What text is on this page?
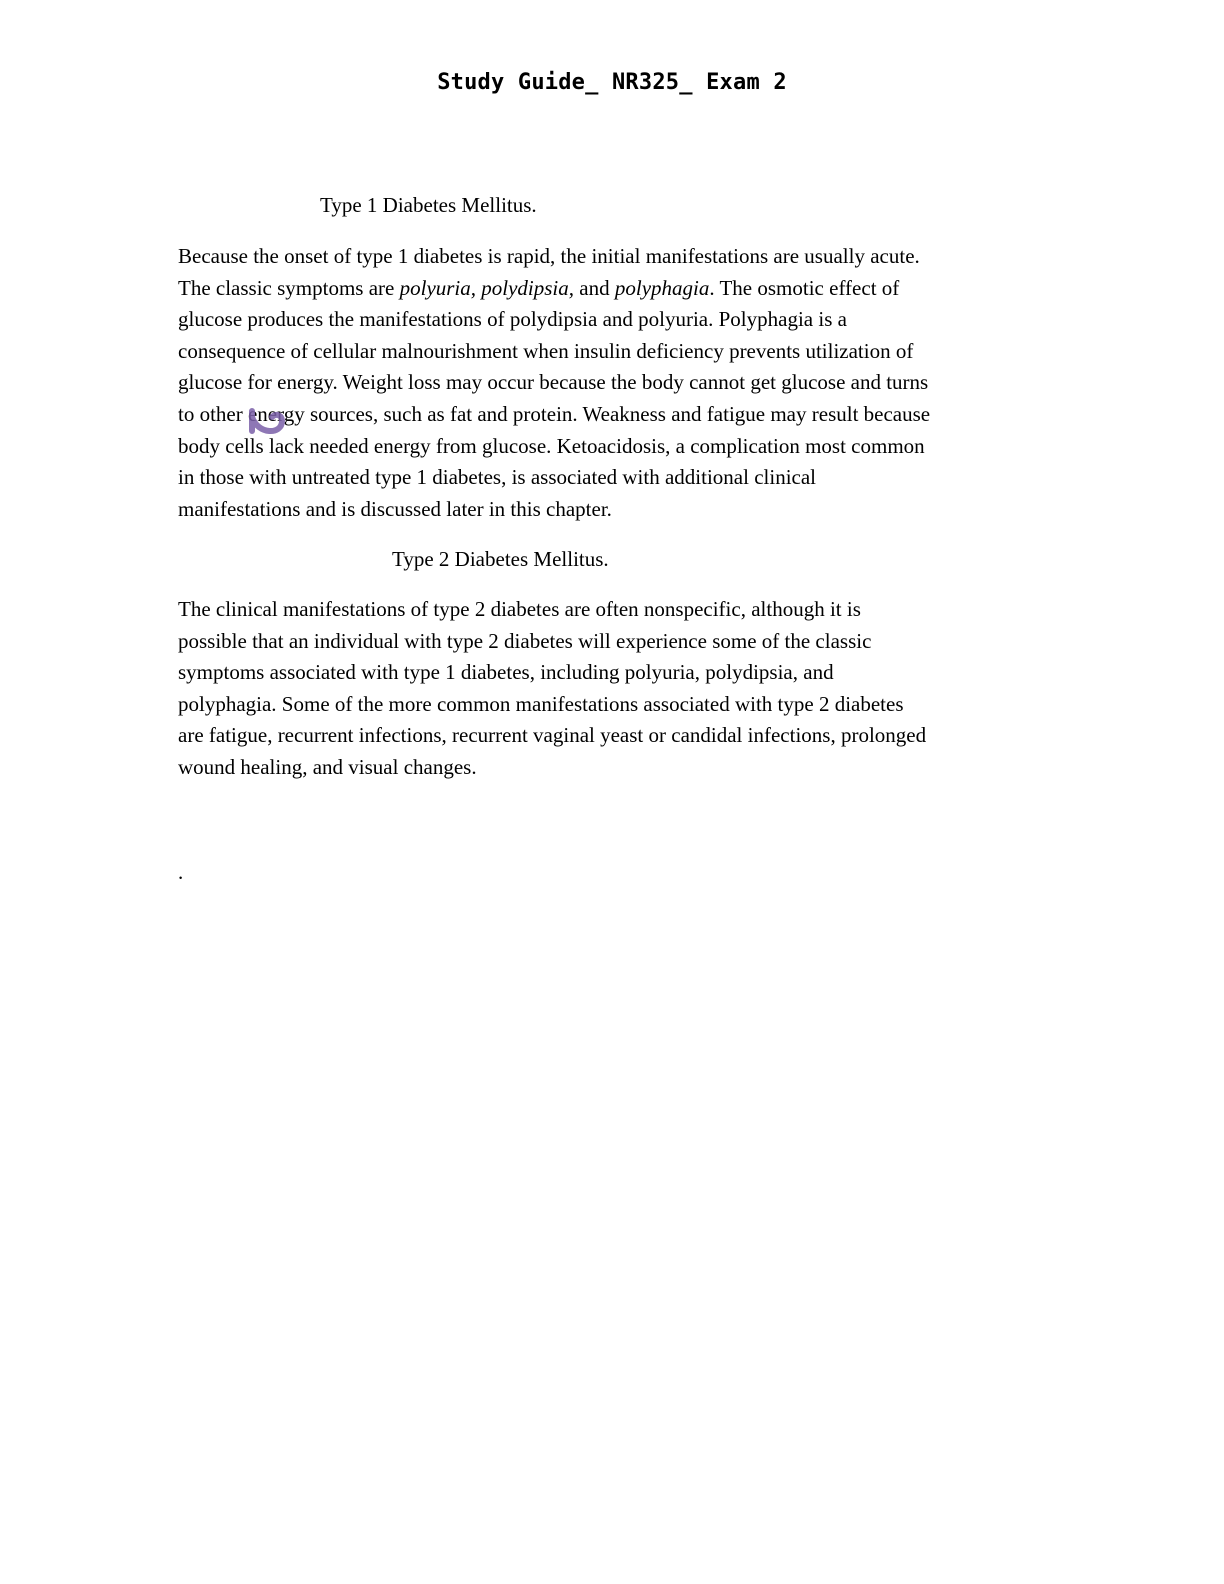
Study Guide_ NR325_ Exam 2
Type 1 Diabetes Mellitus.
Because the onset of type 1 diabetes is rapid, the initial manifestations are usually acute.
The classic symptoms are polyuria, polydipsia, and polyphagia. The osmotic effect of
glucose produces the manifestations of polydipsia and polyuria. Polyphagia is a
consequence of cellular malnourishment when insulin deficiency prevents utilization of
glucose for energy. Weight loss may occur because the body cannot get glucose and turns
to other energy sources, such as fat and protein. Weakness and fatigue may result because
body cells lack needed energy from glucose. Ketoacidosis, a complication most common
in those with untreated type 1 diabetes, is associated with additional clinical
manifestations and is discussed later in this chapter.
Type 2 Diabetes Mellitus.
The clinical manifestations of type 2 diabetes are often nonspecific, although it is
possible that an individual with type 2 diabetes will experience some of the classic
symptoms associated with type 1 diabetes, including polyuria, polydipsia, and
polyphagia. Some of the more common manifestations associated with type 2 diabetes
are fatigue, recurrent infections, recurrent vaginal yeast or candidal infections, prolonged
wound healing, and visual changes.
.
